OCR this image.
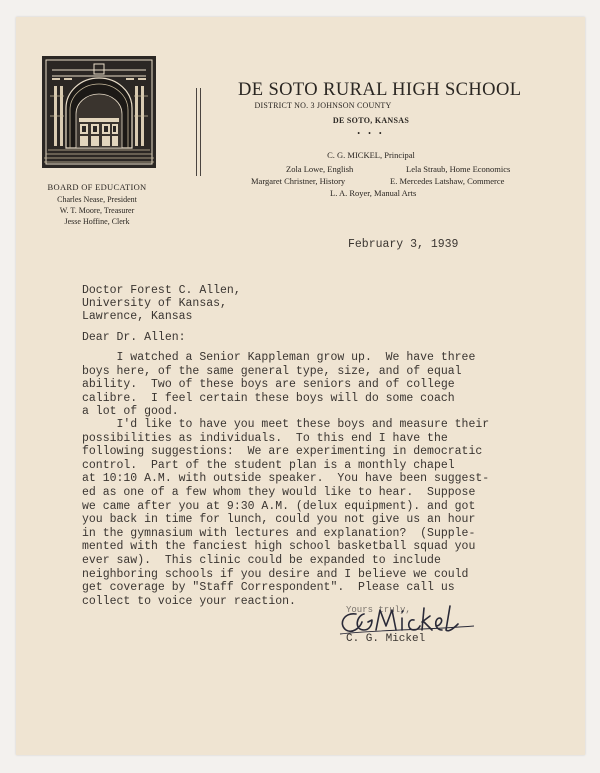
BOARD OF EDUCATION
Charles Nease, President
W. T. Moore, Treasurer
Jesse Hoffine, Clerk
DE SOTO RURAL HIGH SCHOOL
DISTRICT NO. 3 JOHNSON COUNTY
DE SOTO, KANSAS
• • •
C. G. MICKEL, Principal
Zola Lowe, English	Lela Straub, Home Economics
Margaret Christner, History	E. Mercedes Latshaw, Commerce
L. A. Royer, Manual Arts
February 3, 1939
Doctor Forest C. Allen,
University of Kansas,
Lawrence, Kansas
Dear Dr. Allen:
I watched a Senior Kappleman grow up.  We have three
boys here, of the same general type, size, and of equal
ability.  Two of these boys are seniors and of college
calibre.  I feel certain these boys will do some coach
a lot of good.
I'd like to have you meet these boys and measure their
possibilities as individuals.  To this end I have the
following suggestions:  We are experimenting in democratic
control.  Part of the student plan is a monthly chapel
at 10:10 A.M. with outside speaker.  You have been suggest-
ed as one of a few whom they would like to hear.  Suppose
we came after you at 9:30 A.M. (delux equipment). and got
you back in time for lunch, could you not give us an hour
in the gymnasium with lectures and explanation?  (Supple-
mented with the fanciest high school basketball squad you
ever saw).  This clinic could be expanded to include
neighboring schools if you desire and I believe we could
get coverage by "Staff Correspondent".  Please call us
collect to voice your reaction.
Yours truly,
C. G. Mickel
